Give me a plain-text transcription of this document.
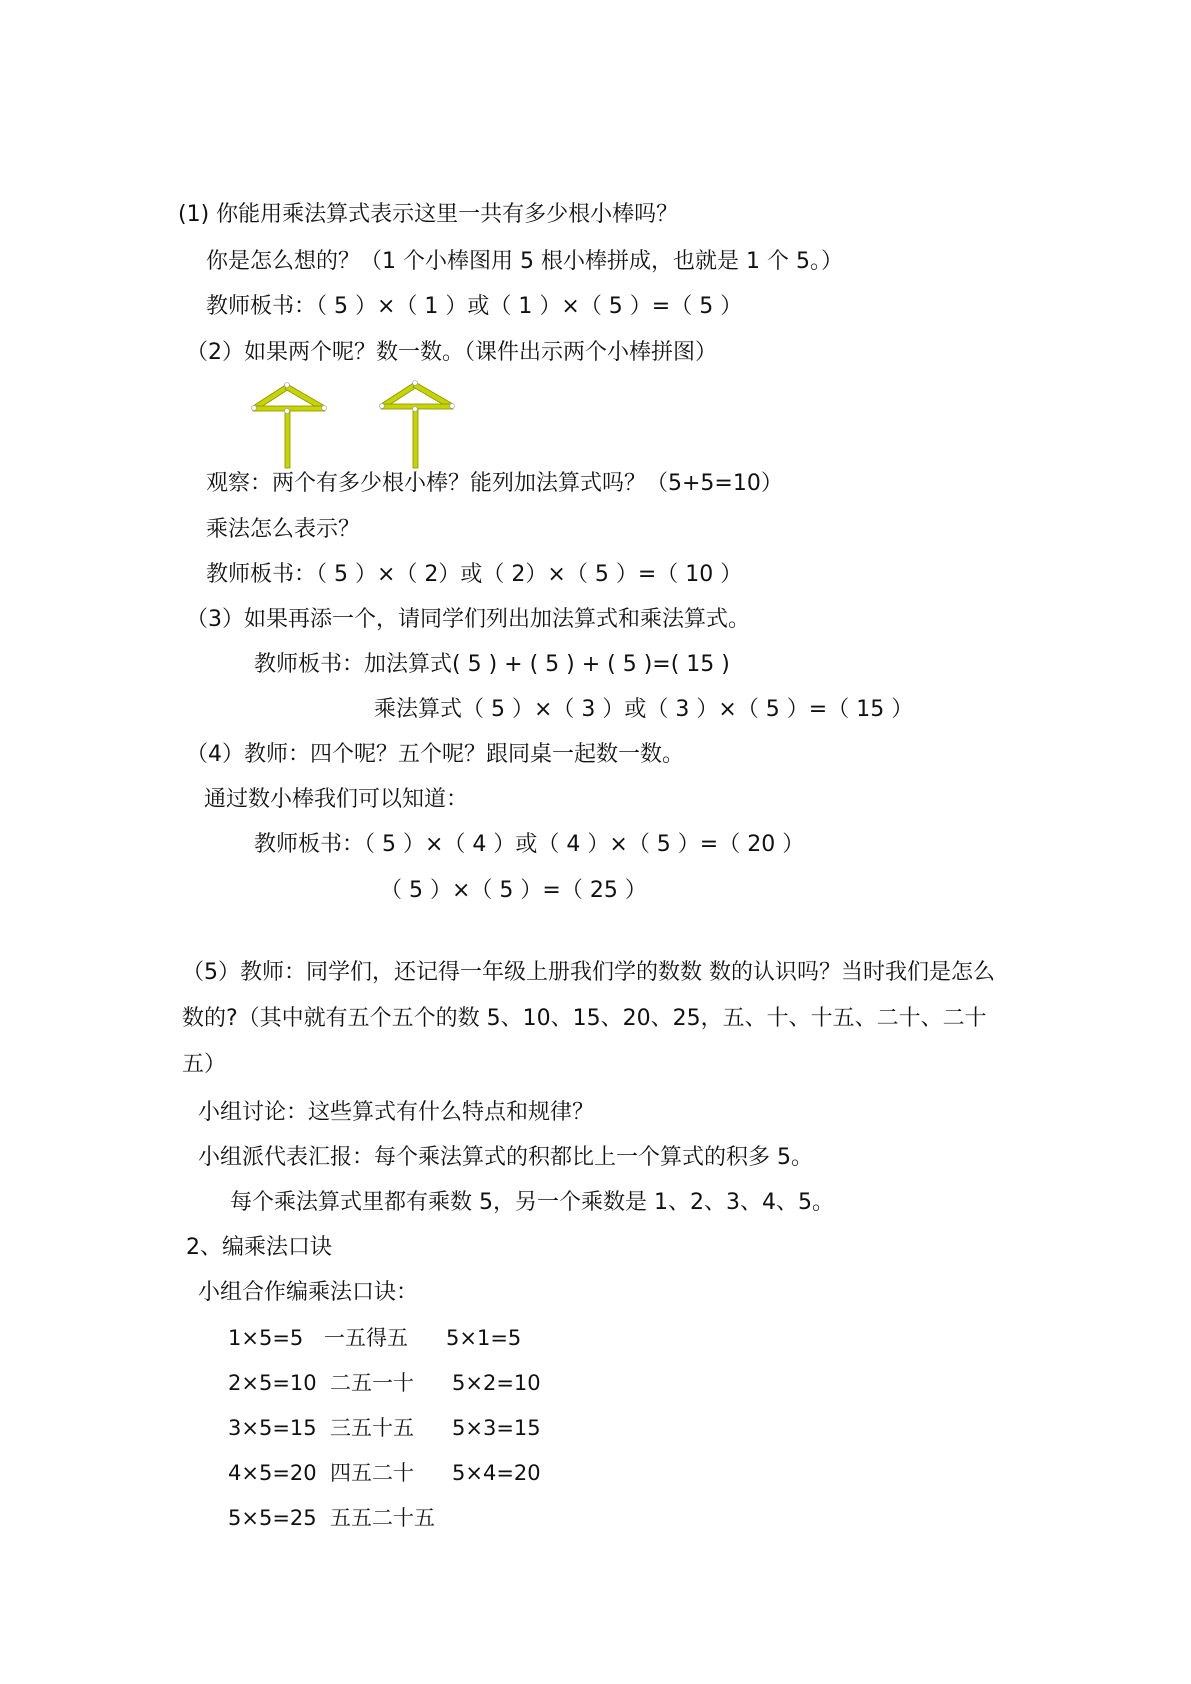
(1) 你能用乘法算式表示这里一共有多少根小棒吗？
你是怎么想的？（1 个小棒图用 5 根小棒拼成，也就是 1 个 5。）
教师板书：（ 5 ）×（ 1 ）或（ 1 ）×（ 5 ）=（ 5 ）
（2）如果两个呢？数一数。（课件出示两个小棒拼图）
观察：两个有多少根小棒？能列加法算式吗？（5+5=10）
乘法怎么表示？
教师板书：（ 5 ）×（ 2）或（ 2）×（ 5 ）=（ 10 ）
（3）如果再添一个，请同学们列出加法算式和乘法算式。
教师板书：加法算式( 5 ) + ( 5 ) + ( 5 )=( 15 )
乘法算式（ 5 ）×（ 3 ）或（ 3 ）×（ 5 ）=（ 15 ）
（4）教师：四个呢？五个呢？跟同桌一起数一数。
通过数小棒我们可以知道：
教师板书：（ 5 ）×（ 4 ）或（ 4 ）×（ 5 ）=（ 20 ）
（ 5 ）×（ 5 ）=（ 25 ）
（5）教师：同学们，还记得一年级上册我们学的数数 数的认识吗？当时我们是怎么数的?（其中就有五个五个的数 5、10、15、20、25，五、十、十五、二十、二十五）
小组讨论：这些算式有什么特点和规律？
小组派代表汇报：每个乘法算式的积都比上一个算式的积多 5。
每个乘法算式里都有乘数 5，另一个乘数是 1、2、3、4、5。
2、编乘法口诀
小组合作编乘法口诀：
1×5=5 一五得五 5×1=5
2×5=10 二五一十 5×2=10
3×5=15 三五十五 5×3=15
4×5=20 四五二十 5×4=20
5×5=25 五五二十五
